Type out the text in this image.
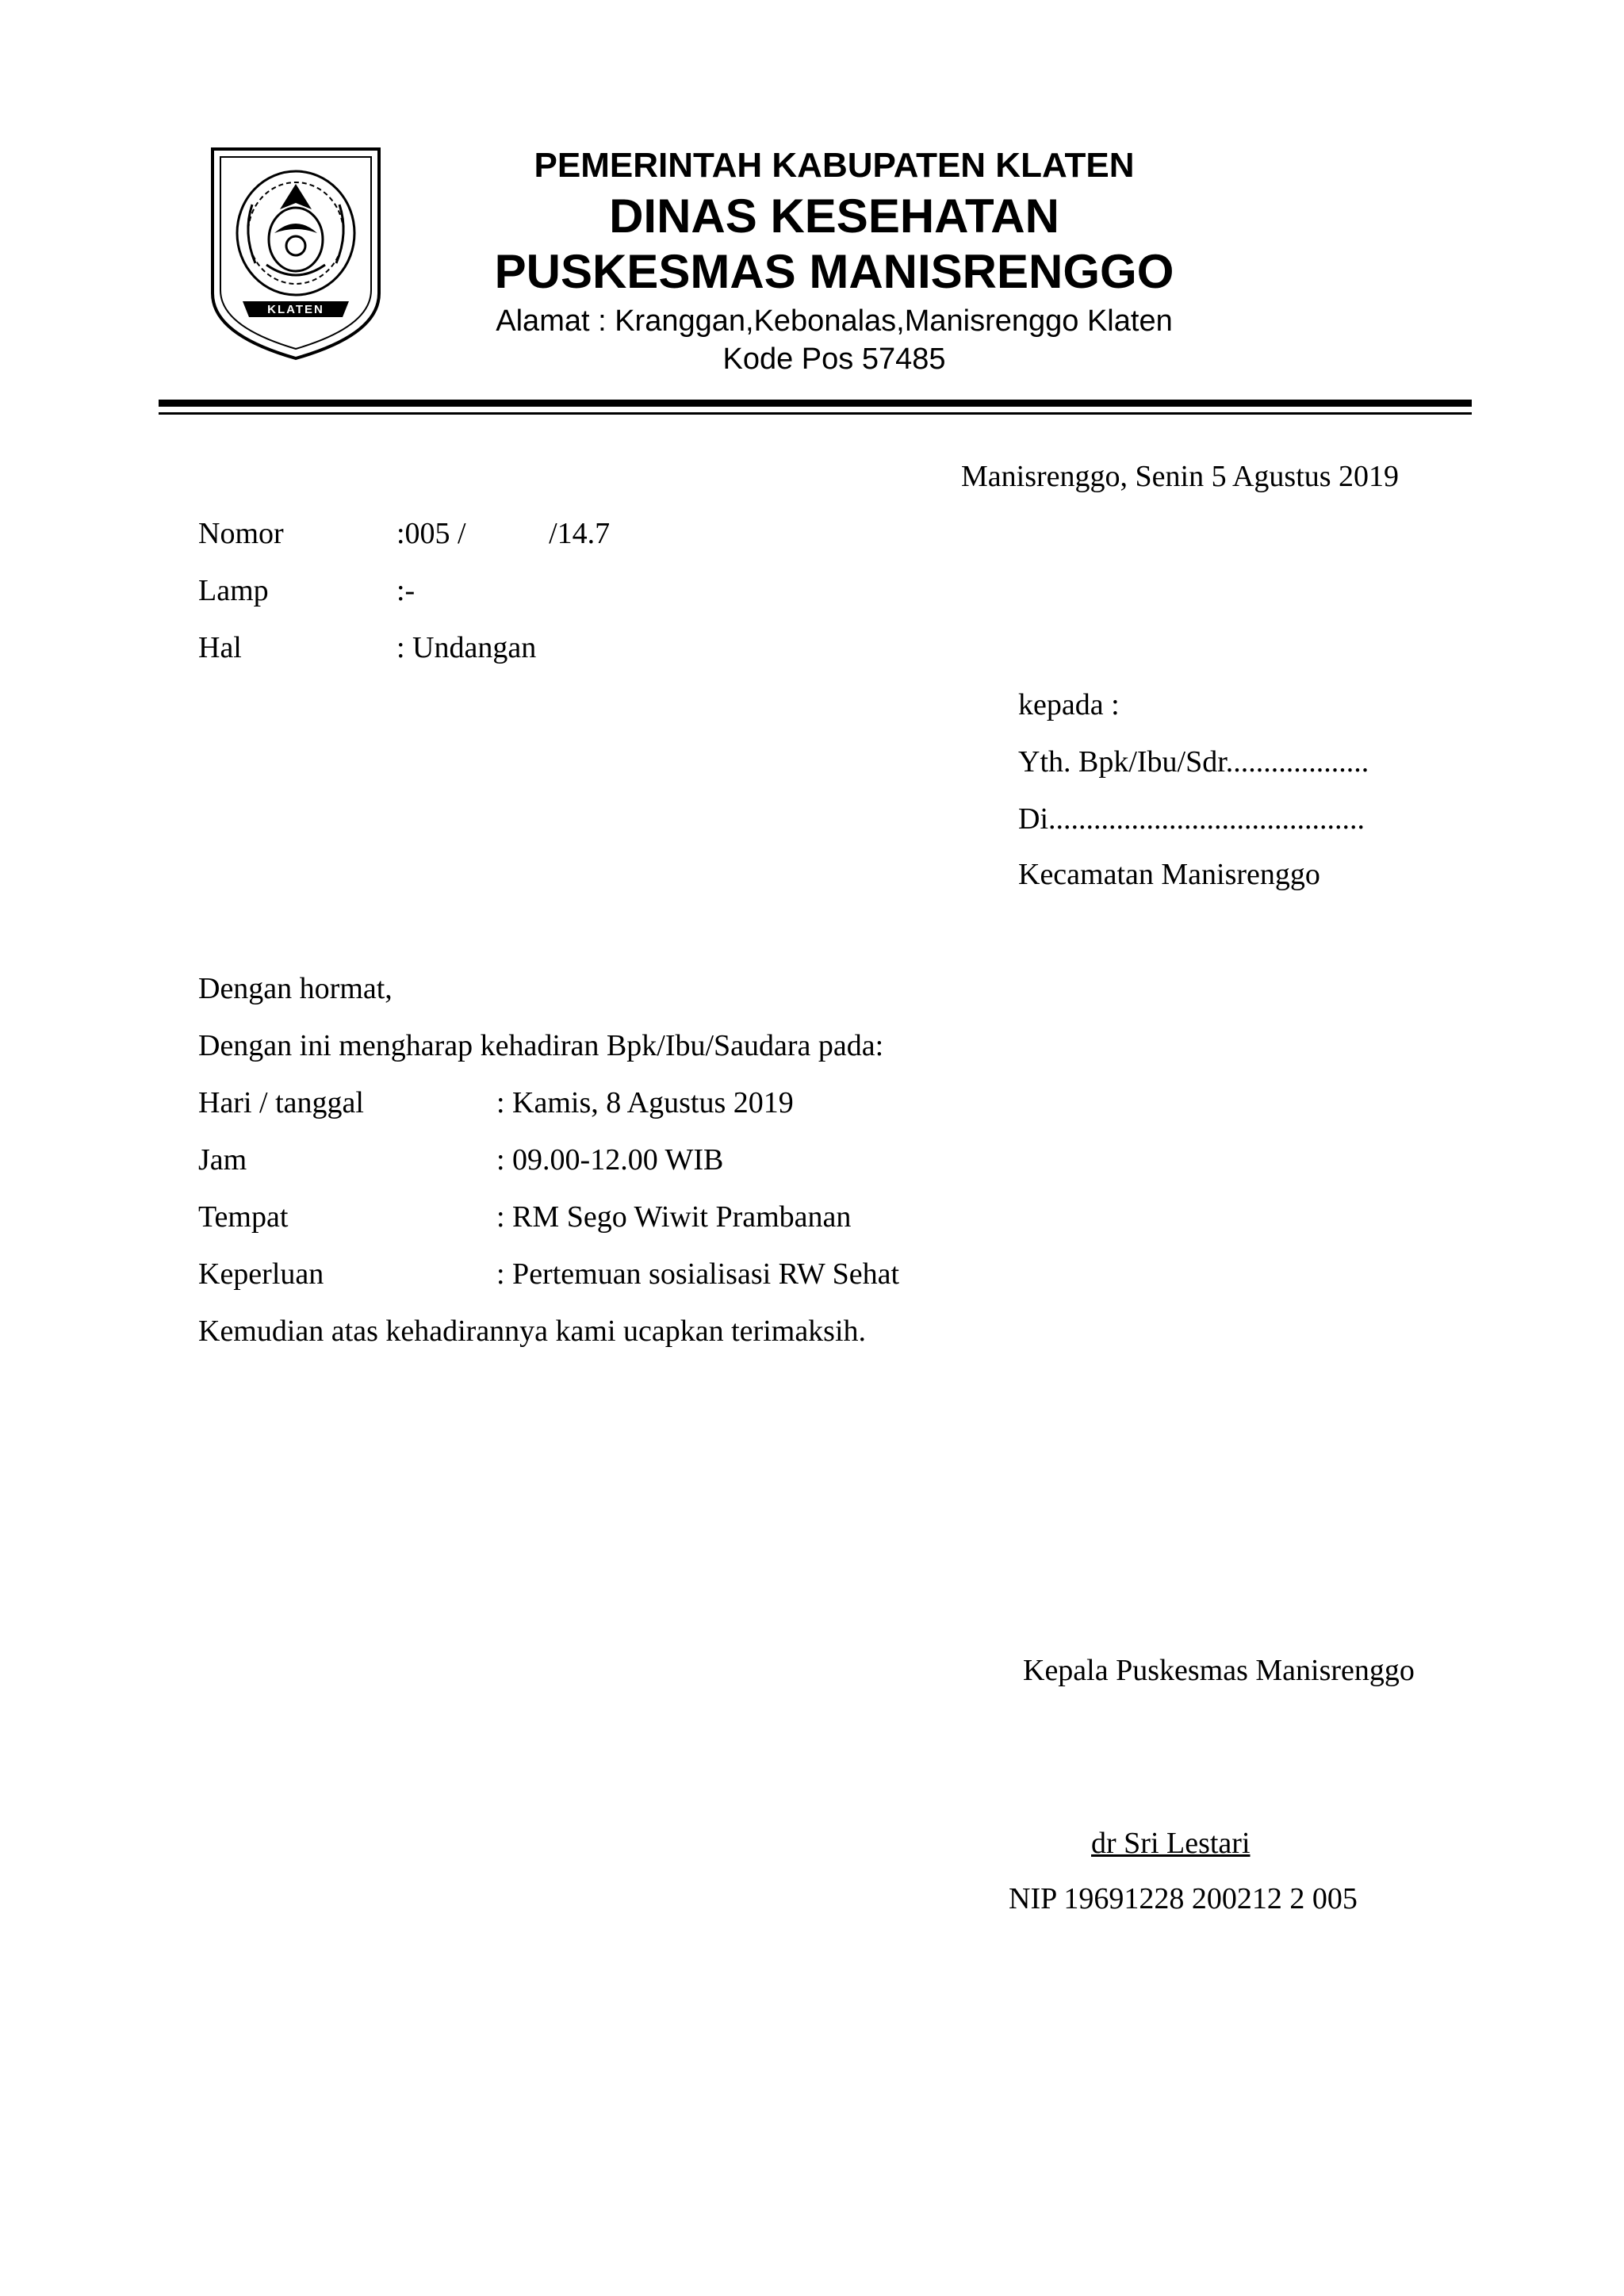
KLATEN
PEMERINTAH KABUPATEN KLATEN
DINAS KESEHATAN
PUSKESMAS MANISRENGGO
Alamat : Kranggan,Kebonalas,Manisrenggo Klaten
Kode Pos 57485
Manisrenggo, Senin 5 Agustus 2019
Nomor	:005 /           /14.7
Lamp	:-
Hal	: Undangan
kepada :
Yth. Bpk/Ibu/Sdr...................
Di..........................................
Kecamatan Manisrenggo
Dengan hormat,
Dengan ini mengharap kehadiran Bpk/Ibu/Saudara pada:
Hari / tanggal	: Kamis, 8 Agustus 2019
Jam	: 09.00-12.00 WIB
Tempat	: RM Sego Wiwit Prambanan
Keperluan	: Pertemuan sosialisasi RW Sehat
Kemudian atas kehadirannya kami ucapkan terimaksih.
Kepala Puskesmas Manisrenggo
dr Sri Lestari
NIP 19691228 200212 2 005
